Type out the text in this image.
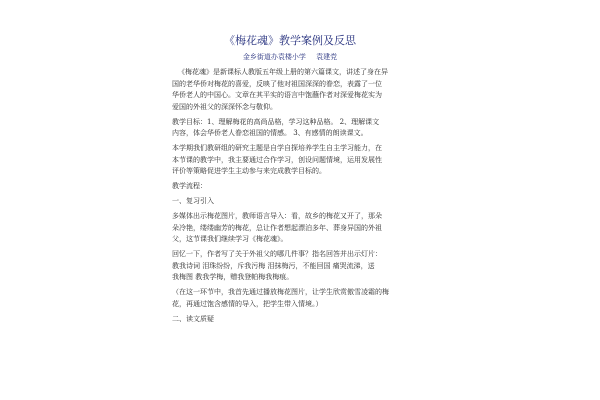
《梅花魂》教学案例及反思
金乡街道办袁楼小学 袁建党
《梅花魂》是新课标人教版五年级上册的第六篇课文，讲述了身在异
国的老华侨对梅花的喜爱，反映了他对祖国深深的眷恋，表露了一位
华侨老人的中国心。文章在其平实的语言中饱蘸作者对深爱梅花实为
爱国的外祖父的深深怀念与敬仰。
教学目标：1、理解梅花的高尚品格，学习这种品格。 2、理解课文
内容，体会华侨老人眷恋祖国的情感。 3、有感情的朗读课文。
本学期我们教研组的研究主题是自学自探培养学生自主学习能力，在
本节课的教学中，我主要通过合作学习，创设问题情境，运用发展性
评价等策略促进学生主动参与来完成教学目标的。
教学流程：
一、复习引入
多媒体出示梅花图片，教师语言导入：看，故乡的梅花又开了，那朵
朵冷艳，缕缕幽芳的梅花，总让作者想起漂泊多年、葬身异国的外祖
父，这节课我们继续学习《梅花魂》。
回忆一下，作者写了关于外祖父的哪几件事？指名回答并出示灯片：
教我诗词 泪珠纷纷，斥我污梅 泪抹梅污，不能回国 痛哭流涕，送
我梅图 教我学梅，赠我登帕梅我梅痕。
（在这一环节中，我首先通过播放梅花图片，让学生欣赏傲雪凌霜的梅
花，再通过饱含感情的导入，把学生带入情境。）
二、读文质疑
